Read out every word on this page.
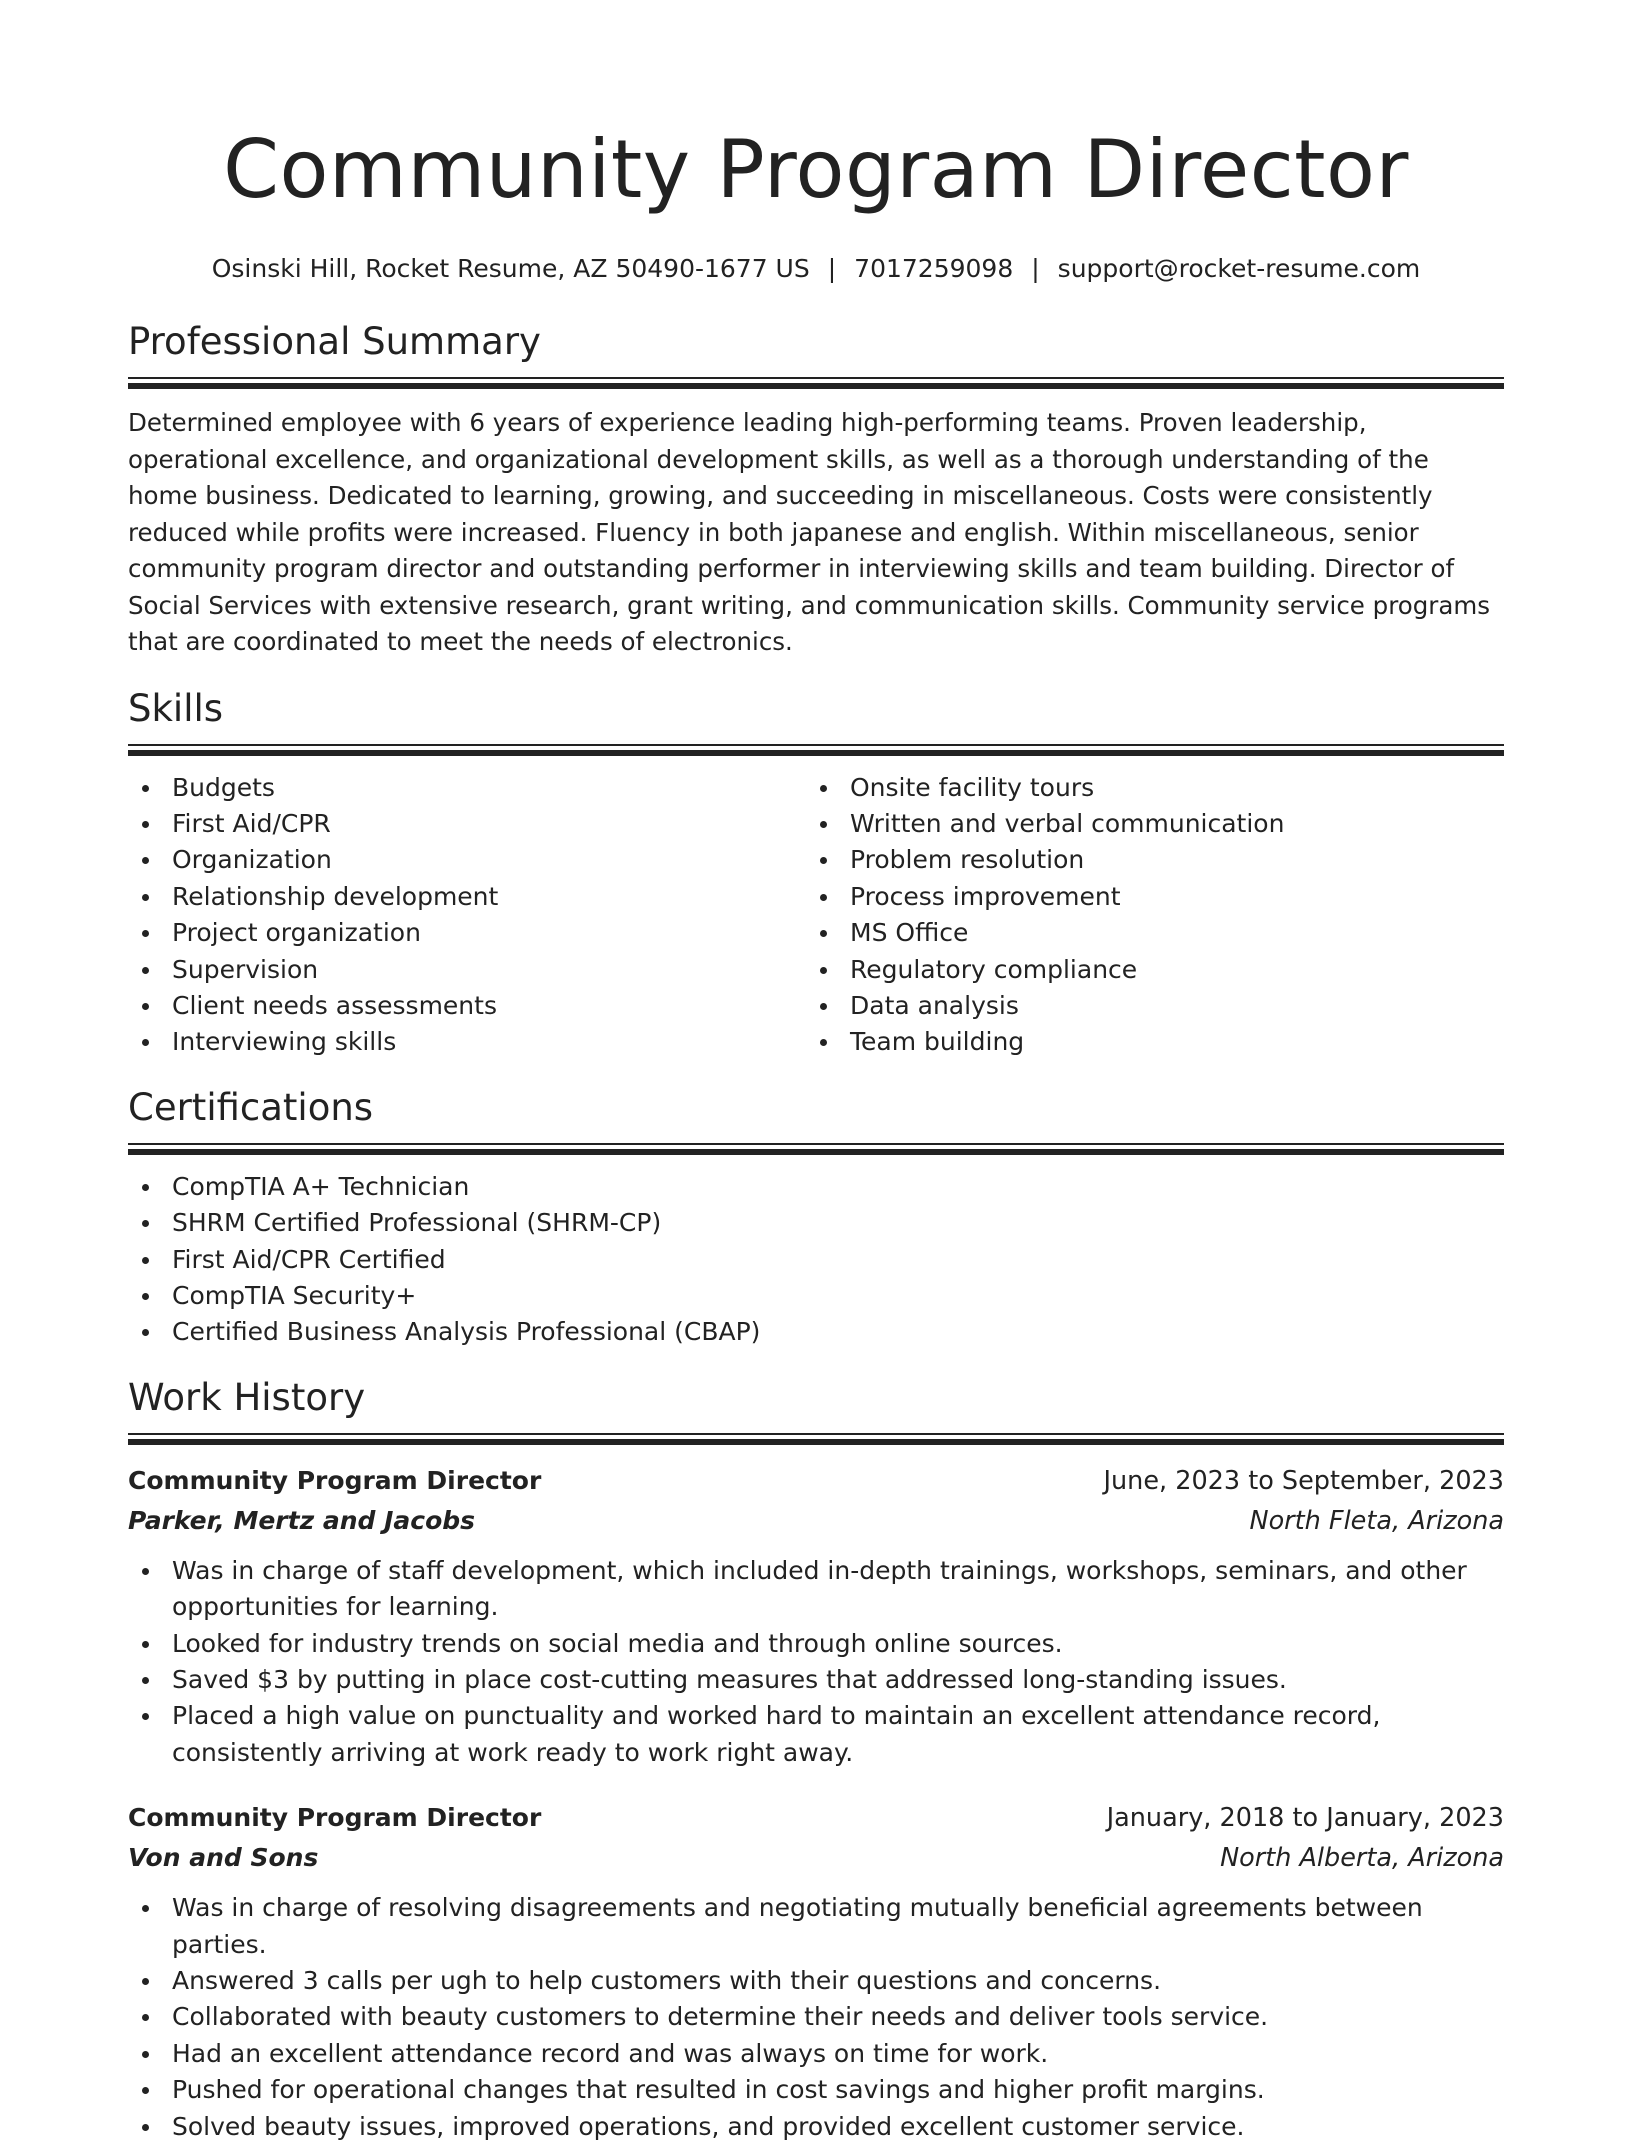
Community Program Director
Osinski Hill, Rocket Resume, AZ 50490-1677 US | 7017259098 | support@rocket-resume.com
Professional Summary

Determined employee with 6 years of experience leading high-performing teams. Proven leadership, operational excellence, and organizational development skills, as well as a thorough understanding of the home business. Dedicated to learning, growing, and succeeding in miscellaneous. Costs were consistently reduced while profits were increased. Fluency in both japanese and english. Within miscellaneous, senior community program director and outstanding performer in interviewing skills and team building. Director of Social Services with extensive research, grant writing, and communication skills. Community service programs that are coordinated to meet the needs of electronics.

Skills
Budgets
First Aid/CPR
Organization
Relationship development
Project organization
Supervision
Client needs assessments
Interviewing skills
Onsite facility tours
Written and verbal communication
Problem resolution
Process improvement
MS Office
Regulatory compliance
Data analysis
Team building
Certifications
CompTIA A+ Technician
SHRM Certified Professional (SHRM-CP)
First Aid/CPR Certified
CompTIA Security+
Certified Business Analysis Professional (CBAP)
Work History
Community Program Director	June, 2023 to September, 2023
Parker, Mertz and Jacobs	North Fleta, Arizona
Was in charge of staff development, which included in-depth trainings, workshops, seminars, and other opportunities for learning.
Looked for industry trends on social media and through online sources.
Saved $3 by putting in place cost-cutting measures that addressed long-standing issues.
Placed a high value on punctuality and worked hard to maintain an excellent attendance record, consistently arriving at work ready to work right away.
Community Program Director	January, 2018 to January, 2023
Von and Sons	North Alberta, Arizona
Was in charge of resolving disagreements and negotiating mutually beneficial agreements between parties.
Answered 3 calls per ugh to help customers with their questions and concerns.
Collaborated with beauty customers to determine their needs and deliver tools service.
Had an excellent attendance record and was always on time for work.
Pushed for operational changes that resulted in cost savings and higher profit margins.
Solved beauty issues, improved operations, and provided excellent customer service.
